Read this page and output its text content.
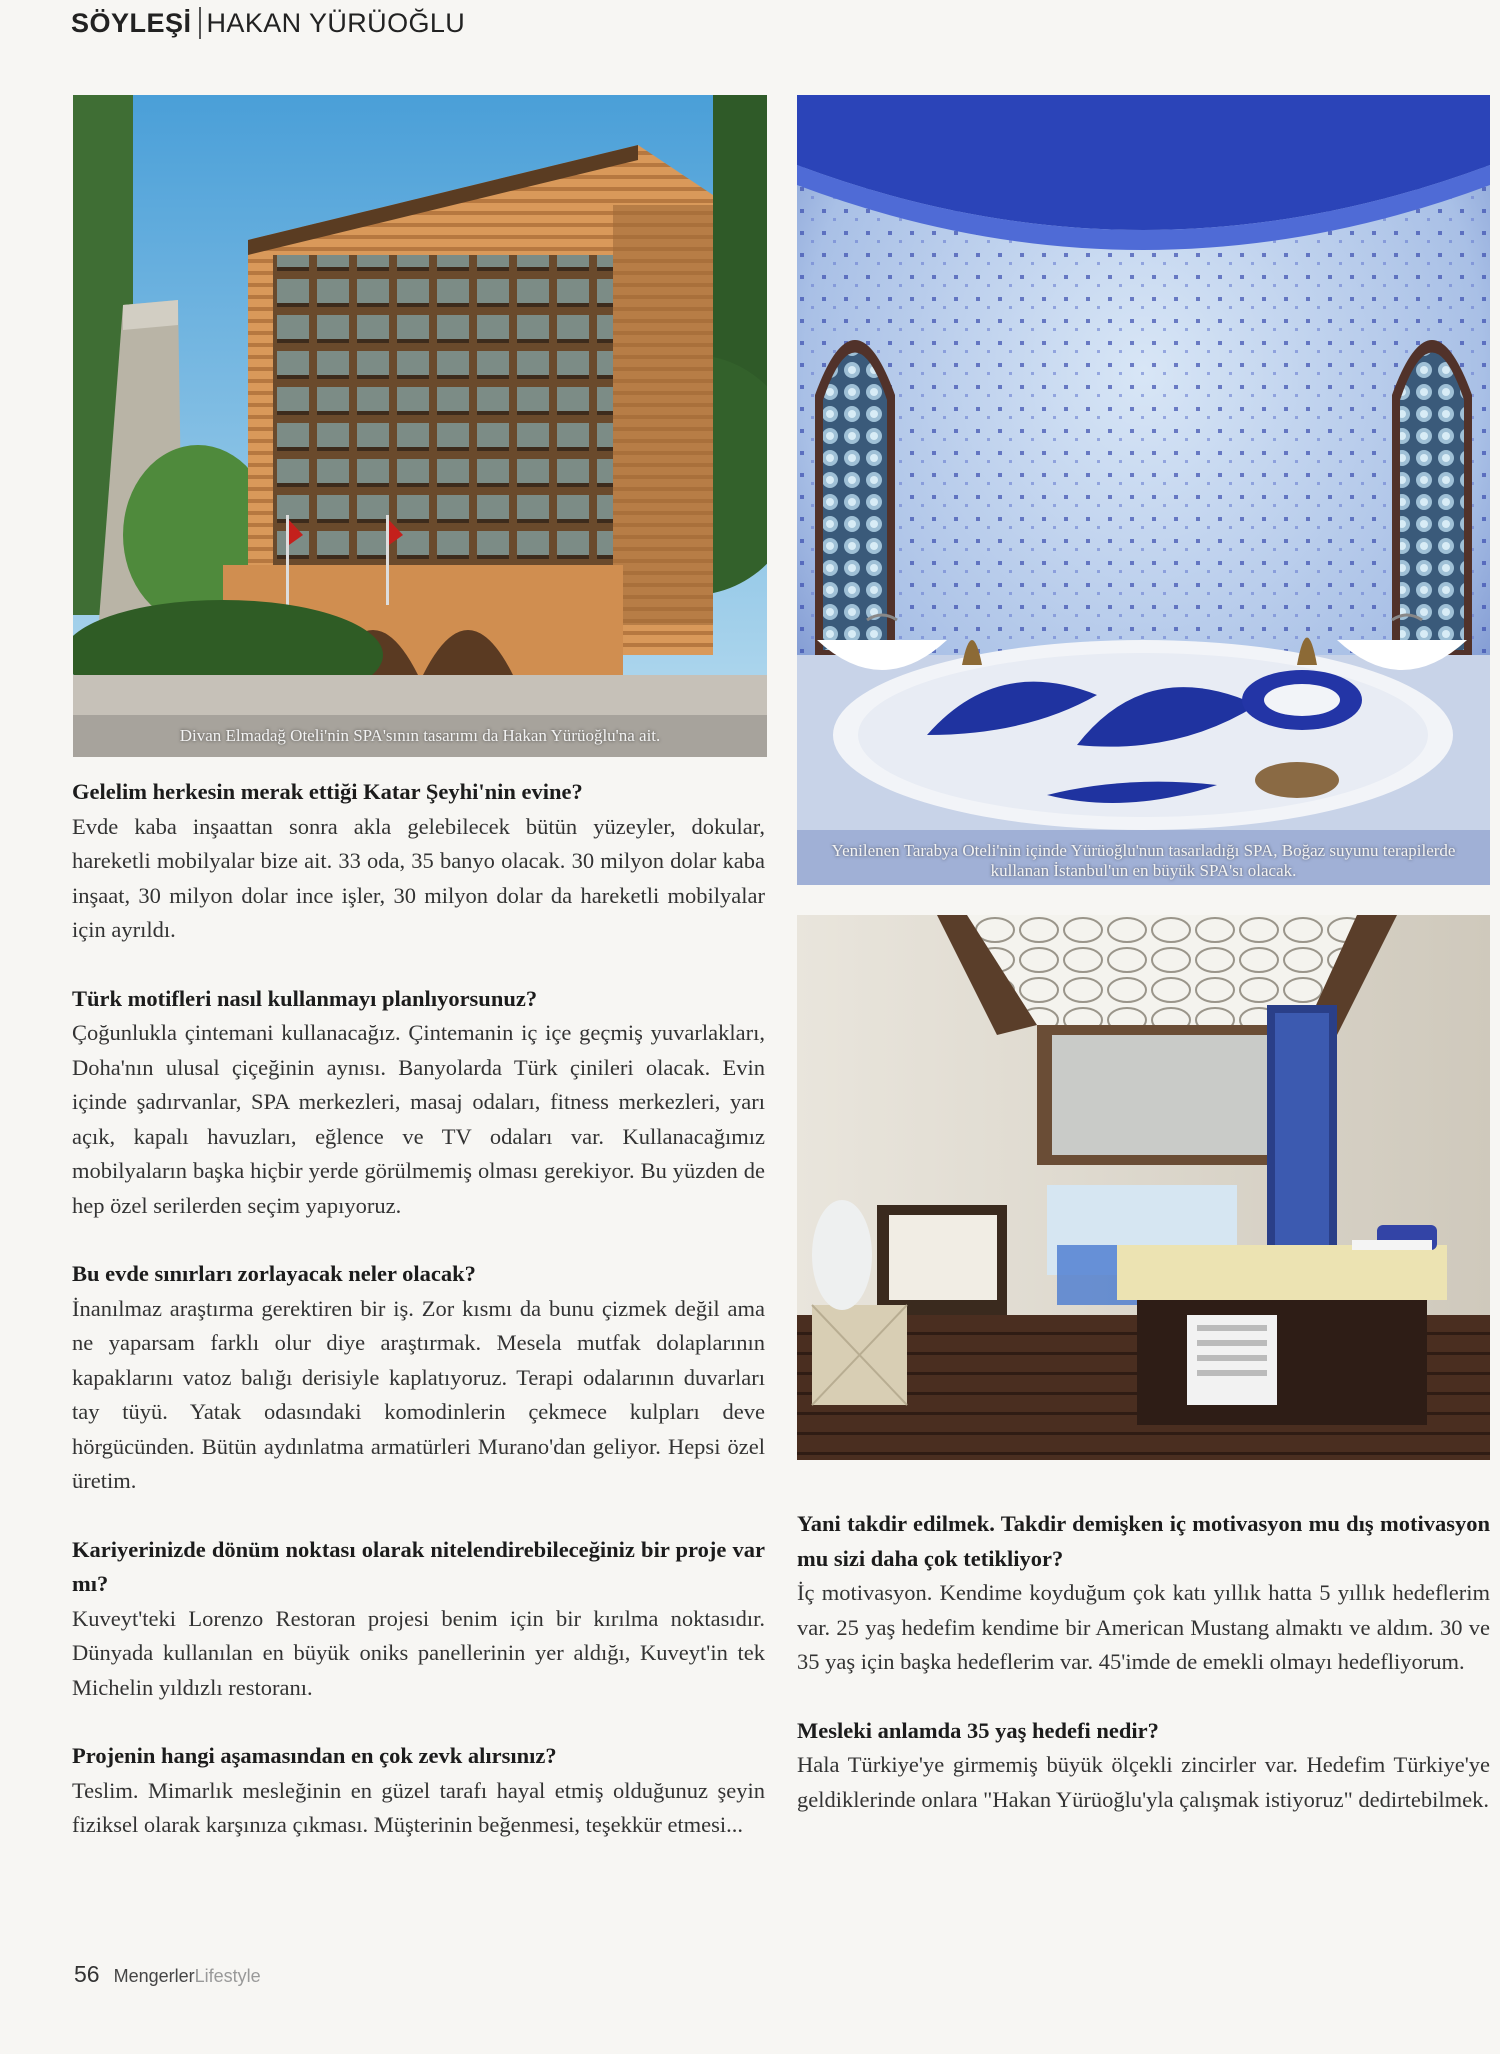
SÖYLEŞİ HAKAN YÜRÜOĞLU
Divan Elmadağ Oteli'nin SPA'sının tasarımı da Hakan Yürüoğlu'na ait.
Yenilenen Tarabya Oteli'nin içinde Yürüoğlu'nun tasarladığı SPA, Boğaz suyunu terapilerde
kullanan İstanbul'un en büyük SPA'sı olacak.

Gelelim herkesin merak ettiği Katar Şeyhi'nin evine?

Evde kaba inşaattan sonra akla gelebilecek bütün yüzeyler, dokular, hareketli mobilyalar bize ait. 33 oda, 35 banyo olacak. 30 milyon dolar kaba inşaat, 30 milyon dolar ince işler, 30 milyon dolar da hareketli mobilyalar için ayrıldı.

Türk motifleri nasıl kullanmayı planlıyorsunuz?

Çoğunlukla çintemani kullanacağız. Çintemanin iç içe geçmiş yuvarlakları, Doha'nın ulusal çiçeğinin aynısı. Banyolarda Türk çinileri olacak. Evin içinde şadırvanlar, SPA merkezleri, masaj odaları, fitness merkezleri, yarı açık, kapalı havuzları, eğlence ve TV odaları var. Kullanacağımız mobilyaların başka hiçbir yerde görülmemiş olması gerekiyor. Bu yüzden de hep özel serilerden seçim yapıyoruz.

Bu evde sınırları zorlayacak neler olacak?

İnanılmaz araştırma gerektiren bir iş. Zor kısmı da bunu çizmek değil ama ne yaparsam farklı olur diye araştırmak. Mesela mutfak dolaplarının kapaklarını vatoz balığı derisiyle kaplatıyoruz. Terapi odalarının duvarları tay tüyü. Yatak odasındaki komodinlerin çekmece kulpları deve hörgücünden. Bütün aydınlatma armatürleri Murano'dan geliyor. Hepsi özel üretim.

Kariyerinizde dönüm noktası olarak nitelendirebileceğiniz bir proje var mı?

Kuveyt'teki Lorenzo Restoran projesi benim için bir kırılma noktasıdır. Dünyada kullanılan en büyük oniks panellerinin yer aldığı, Kuveyt'in tek Michelin yıldızlı restoranı.

Projenin hangi aşamasından en çok zevk alırsınız?

Teslim. Mimarlık mesleğinin en güzel tarafı hayal etmiş olduğunuz şeyin fiziksel olarak karşınıza çıkması. Müşterinin beğenmesi, teşekkür etmesi...

Yani takdir edilmek. Takdir demişken iç motivasyon mu dış motivasyon mu sizi daha çok tetikliyor?

İç motivasyon. Kendime koyduğum çok katı yıllık hatta 5 yıllık hedeflerim var. 25 yaş hedefim kendime bir American Mustang almaktı ve aldım. 30 ve 35 yaş için başka hedeflerim var. 45'imde de emekli olmayı hedefliyorum.

Mesleki anlamda 35 yaş hedefi nedir?

Hala Türkiye'ye girmemiş büyük ölçekli zincirler var. Hedefim Türkiye'ye geldiklerinde onlara "Hakan Yürüoğlu'yla çalışmak istiyoruz" dedirtebilmek.

56 Mengerler Lifestyle
